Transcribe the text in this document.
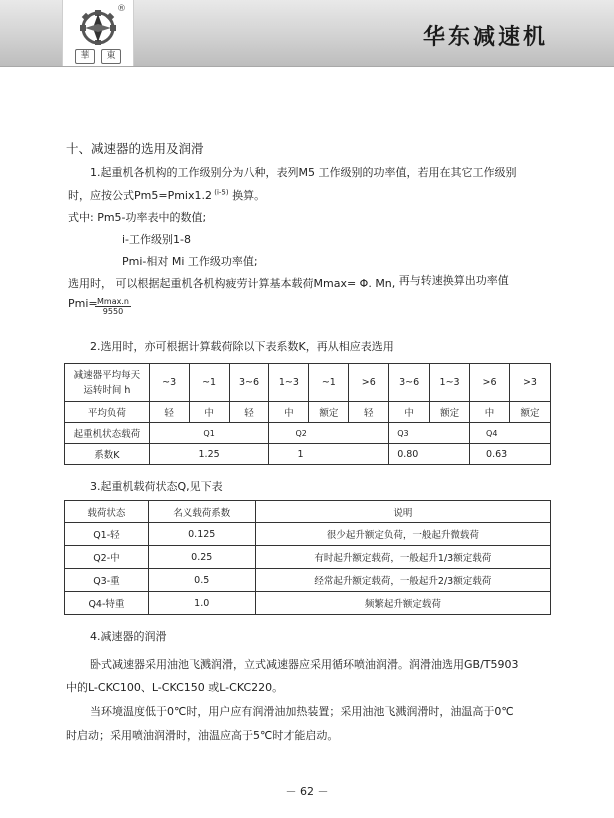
®
華	東
华东减速机
十、减速器的选用及润滑
1.起重机各机构的工作级别分为八种，表列M5 工作级别的功率值，若用在其它工作级别
时，应按公式Pm5=Pmix1.2 $^{(i-5)}$ 换算。
式中: Pm5-功率表中的数值;
i-工作级别1-8
Pmi-相对 Mi 工作级功率值;
选用时， 可以根据起重机各机构疲劳计算基本载荷Mmax= Φ. Mn, 再与转速换算出功率值
Pmi= Mmax.n
9550
2.选用时，亦可根据计算载荷除以下表系数K，再从相应表选用
减速器平均每天
运转时间 h	~3	~1	3~6	1~3	~1	>6	3~6	1~3	>6	>3
平均负荷	轻	中	轻	中	额定	轻	中	额定	中	额定
起重机状态载荷	Q1			Q2			Q3		Q4	
系数K	1.25			1			0.80		0.63	
3.起重机载荷状态Q,见下表
载荷状态	名义载荷系数	说明
Q1-轻	0.125	很少起升额定负荷，一般起升微载荷
Q2-中	0.25	有时起升额定载荷，一般起升1/3额定载荷
Q3-重	0.5	经常起升额定载荷，一般起升2/3额定载荷
Q4-特重	1.0	频繁起升额定载荷
4.减速器的润滑
卧式减速器采用油池飞溅润滑，立式减速器应采用循环喷油润滑。润滑油选用GB/T5903
中的L-CKC100、L-CKC150 或L-CKC220。
当环境温度低于0℃时，用户应有润滑油加热装置；采用油池飞溅润滑时，油温高于0℃
时启动；采用喷油润滑时，油温应高于5℃时才能启动。
－ 62 －
